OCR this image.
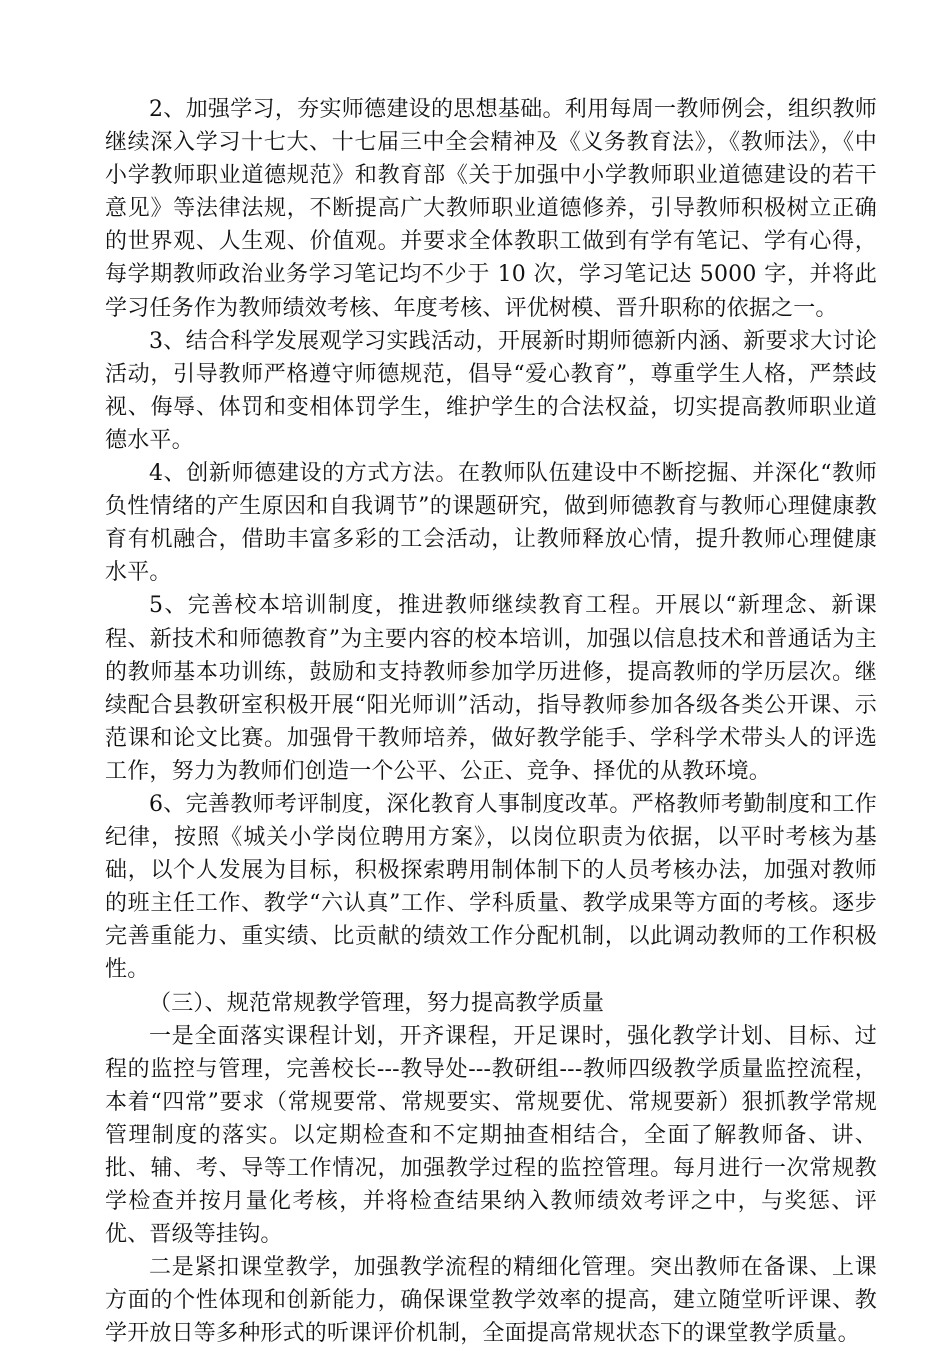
2、加强学习，夯实师德建设的思想基础。利用每周一教师例会，组织教师继续深入学习十七大、十七届三中全会精神及《义务教育法》，《教师法》，《中小学教师职业道德规范》和教育部《关于加强中小学教师职业道德建设的若干意见》等法律法规，不断提高广大教师职业道德修养，引导教师积极树立正确的世界观、人生观、价值观。并要求全体教职工做到有学有笔记、学有心得，每学期教师政治业务学习笔记均不少于 10 次，学习笔记达 5000 字，并将此学习任务作为教师绩效考核、年度考核、评优树模、晋升职称的依据之一。

3、结合科学发展观学习实践活动，开展新时期师德新内涵、新要求大讨论活动，引导教师严格遵守师德规范，倡导“爱心教育”，尊重学生人格，严禁歧视、侮辱、体罚和变相体罚学生，维护学生的合法权益，切实提高教师职业道德水平。

4、创新师德建设的方式方法。在教师队伍建设中不断挖掘、并深化“教师负性情绪的产生原因和自我调节”的课题研究，做到师德教育与教师心理健康教育有机融合，借助丰富多彩的工会活动，让教师释放心情，提升教师心理健康水平。

5、完善校本培训制度，推进教师继续教育工程。开展以“新理念、新课程、新技术和师德教育”为主要内容的校本培训，加强以信息技术和普通话为主的教师基本功训练，鼓励和支持教师参加学历进修，提高教师的学历层次。继续配合县教研室积极开展“阳光师训”活动，指导教师参加各级各类公开课、示范课和论文比赛。加强骨干教师培养，做好教学能手、学科学术带头人的评选工作，努力为教师们创造一个公平、公正、竞争、择优的从教环境。

6、完善教师考评制度，深化教育人事制度改革。严格教师考勤制度和工作纪律，按照《城关小学岗位聘用方案》，以岗位职责为依据，以平时考核为基础，以个人发展为目标，积极探索聘用制体制下的人员考核办法，加强对教师的班主任工作、教学“六认真”工作、学科质量、教学成果等方面的考核。逐步完善重能力、重实绩、比贡献的绩效工作分配机制，以此调动教师的工作积极性。

（三）、规范常规教学管理，努力提高教学质量

一是全面落实课程计划，开齐课程，开足课时，强化教学计划、目标、过程的监控与管理，完善校长---教导处---教研组---教师四级教学质量监控流程，本着“四常”要求（常规要常、常规要实、常规要优、常规要新）狠抓教学常规管理制度的落实。以定期检查和不定期抽查相结合，全面了解教师备、讲、批、辅、考、导等工作情况，加强教学过程的监控管理。每月进行一次常规教学检查并按月量化考核，并将检查结果纳入教师绩效考评之中，与奖惩、评优、晋级等挂钩。

二是紧扣课堂教学，加强教学流程的精细化管理。突出教师在备课、上课方面的个性体现和创新能力，确保课堂教学效率的提高，建立随堂听评课、教学开放日等多种形式的听课评价机制，全面提高常规状态下的课堂教学质量。
